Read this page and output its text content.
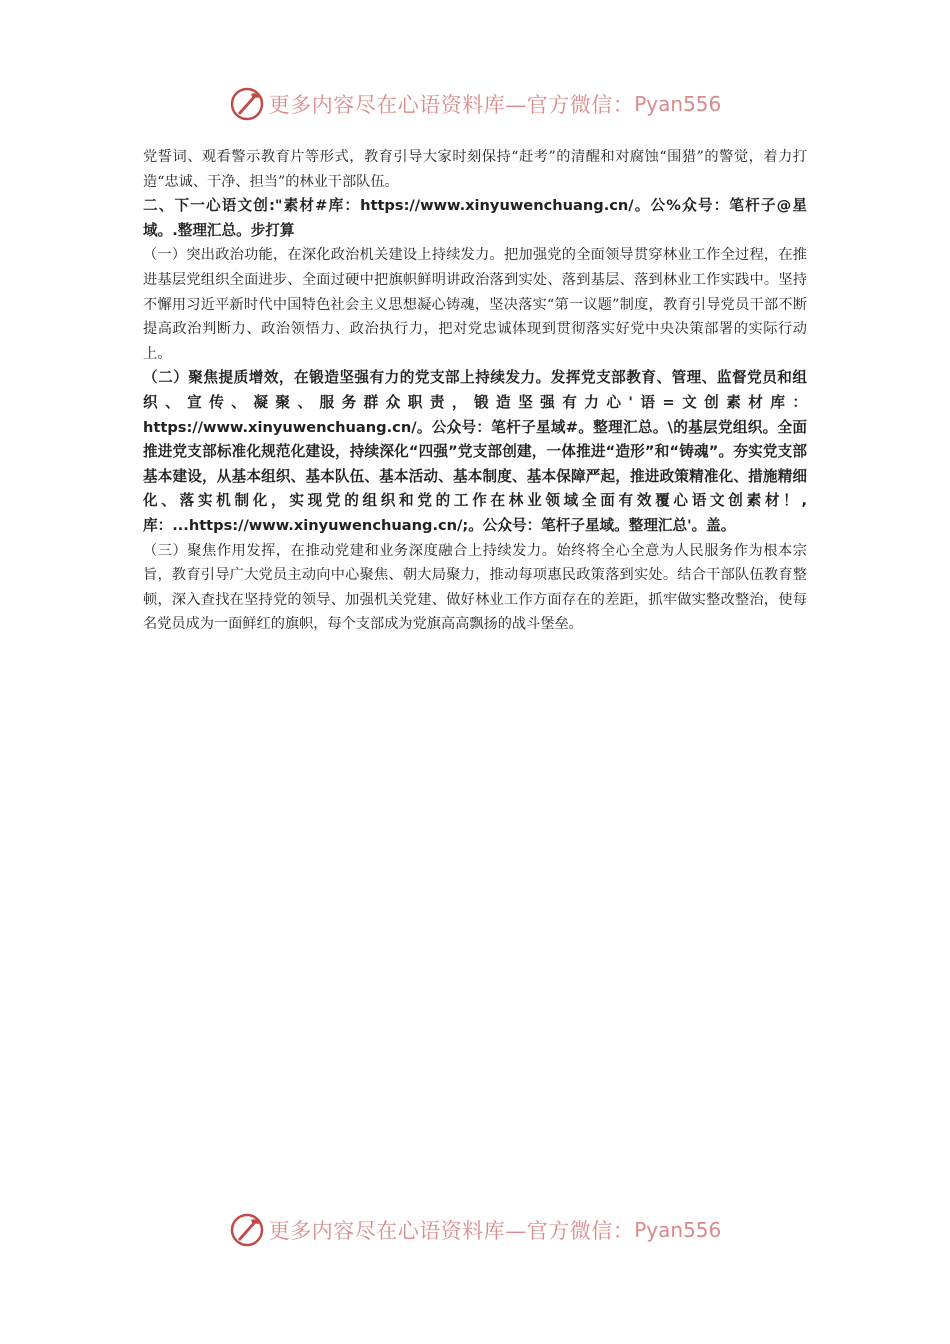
更多内容尽在心语资料库—官方微信： Pyan556

党誓词、观看警示教育片等形式，教育引导大家时刻保持“赶考”的清醒和对腐蚀“围猎”的警觉，着力打造“忠诚、干净、担当”的林业干部队伍。

二、下一心语文创:"素材#库：https://www.xinyuwenchuang.cn/。公%众号：笔杆子@星域。.整理汇总。步打算

（一）突出政治功能，在深化政治机关建设上持续发力。把加强党的全面领导贯穿林业工作全过程，在推进基层党组织全面进步、全面过硬中把旗帜鲜明讲政治落到实处、落到基层、落到林业工作实践中。坚持不懈用习近平新时代中国特色社会主义思想凝心铸魂，坚决落实“第一议题”制度，教育引导党员干部不断提高政治判断力、政治领悟力、政治执行力，把对党忠诚体现到贯彻落实好党中央决策部署的实际行动上。

（二）聚焦提质增效，在锻造坚强有力的党支部上持续发力。发挥党支部教育、管理、监督党员和组织、宣传、凝聚、服务群众职责，锻造坚强有力心'语=文创素材库：https://www.xinyuwenchuang.cn/。公众号：笔杆子星域#。整理汇总。\的基层党组织。全面推进党支部标准化规范化建设，持续深化“四强”党支部创建，一体推进“造形”和“铸魂”。夯实党支部基本建设，从基本组织、基本队伍、基本活动、基本制度、基本保障严起，推进政策精准化、措施精细化、落实机制化，实现党的组织和党的工作在林业领域全面有效覆心语文创素材！,库：...https://www.xinyuwenchuang.cn/;。公众号：笔杆子星域。整理汇总'。盖。

（三）聚焦作用发挥，在推动党建和业务深度融合上持续发力。始终将全心全意为人民服务作为根本宗旨，教育引导广大党员主动向中心聚焦、朝大局聚力，推动每项惠民政策落到实处。结合干部队伍教育整顿，深入查找在坚持党的领导、加强机关党建、做好林业工作方面存在的差距，抓牢做实整改整治，使每名党员成为一面鲜红的旗帜，每个支部成为党旗高高飘扬的战斗堡垒。

更多内容尽在心语资料库—官方微信： Pyan556
